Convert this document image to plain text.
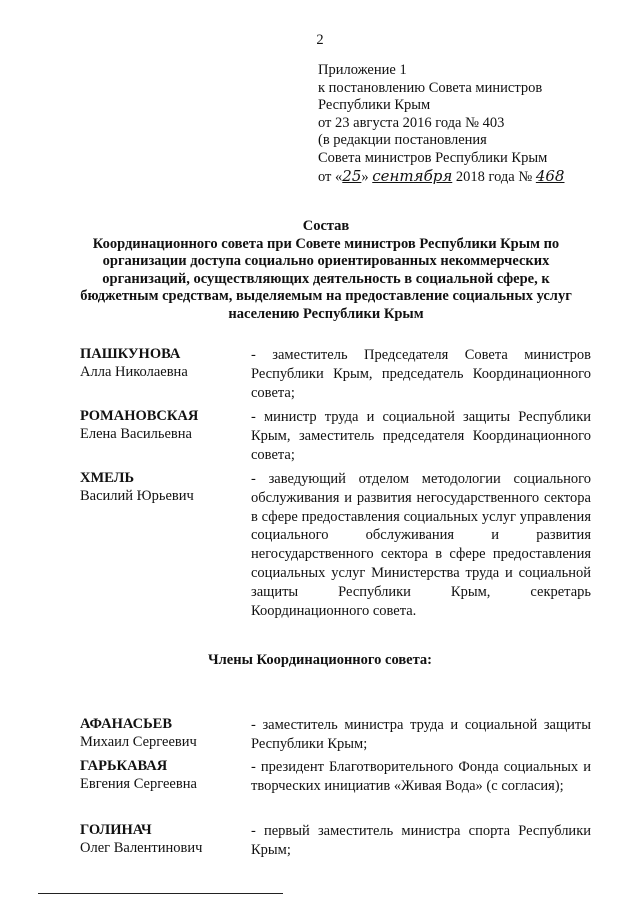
2
Приложение 1
к постановлению Совета министров
Республики Крым
от 23 августа 2016 года № 403
(в редакции постановления
Совета министров Республики Крым
от «25» сентября 2018 года № 468
Состав
Координационного совета при Совете министров Республики Крым по организации доступа социально ориентированных некоммерческих организаций, осуществляющих деятельность в социальной сфере, к бюджетным средствам, выделяемым на предоставление социальных услуг населению Республики Крым
ПАШКУНОВА
Алла Николаевна
- заместитель Председателя Совета министров Республики Крым, председатель Координационного совета;
РОМАНОВСКАЯ
Елена Васильевна
- министр труда и социальной защиты Республики Крым, заместитель председателя Координационного совета;
ХМЕЛЬ
Василий Юрьевич
- заведующий отделом методологии социального обслуживания и развития негосударственного сектора в сфере предоставления социальных услуг управления социального обслуживания и развития негосударственного сектора в сфере предоставления социальных услуг Министерства труда и социальной защиты Республики Крым, секретарь Координационного совета.
Члены Координационного совета:
АФАНАСЬЕВ
Михаил Сергеевич
- заместитель министра труда и социальной защиты Республики Крым;
ГАРЬКАВАЯ
Евгения Сергеевна
- президент Благотворительного Фонда социальных и творческих инициатив «Живая Вода» (с согласия);
ГОЛИНАЧ
Олег Валентинович
- первый заместитель министра спорта Республики Крым;
